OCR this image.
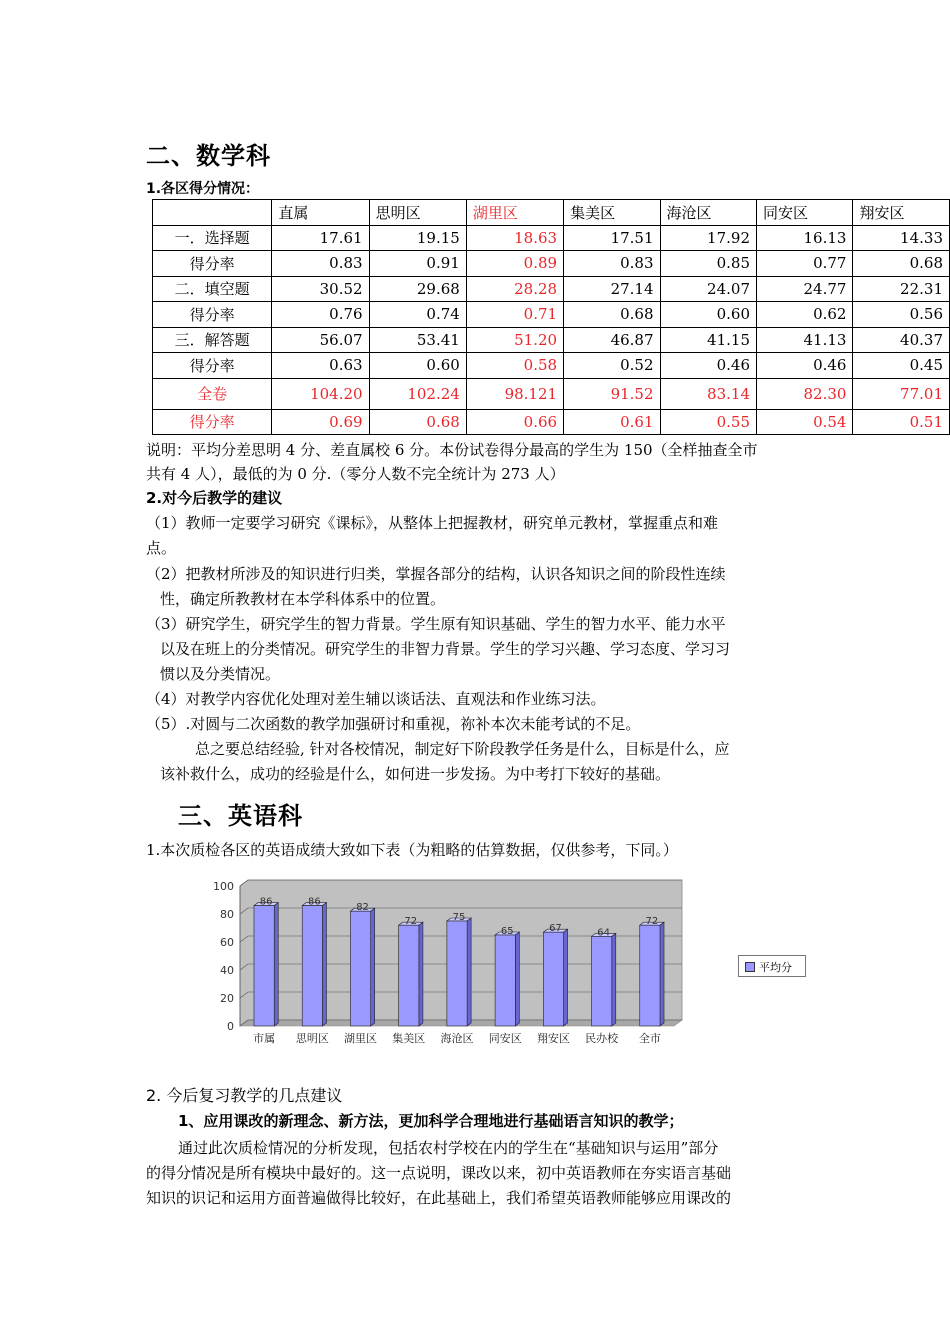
二、数学科
1.各区得分情况：
	直属	思明区	湖里区	集美区	海沧区	同安区	翔安区
一．选择题	17.61	19.15	18.63	17.51	17.92	16.13	14.33
得分率	0.83	0.91	0.89	0.83	0.85	0.77	0.68
二．填空题	30.52	29.68	28.28	27.14	24.07	24.77	22.31
得分率	0.76	0.74	0.71	0.68	0.60	0.62	0.56
三．解答题	56.07	53.41	51.20	46.87	41.15	41.13	40.37
得分率	0.63	0.60	0.58	0.52	0.46	0.46	0.45
全卷	104.20	102.24	98.121	91.52	83.14	82.30	77.01
得分率	0.69	0.68	0.66	0.61	0.55	0.54	0.51
说明：平均分差思明 4 分、差直属校 6 分。本份试卷得分最高的学生为 150（全样抽查全市
共有 4 人），最低的为 0 分.（零分人数不完全统计为 273 人）
2.对今后教学的建议
（1）教师一定要学习研究《课标》，从整体上把握教材，研究单元教材，掌握重点和难
点。
（2）把教材所涉及的知识进行归类，掌握各部分的结构，认识各知识之间的阶段性连续
性，确定所教教材在本学科体系中的位置。
（3）研究学生，研究学生的智力背景。学生原有知识基础、学生的智力水平、能力水平
以及在班上的分类情况。研究学生的非智力背景。学生的学习兴趣、学习态度、学习习
惯以及分类情况。
（4）对教学内容优化处理对差生辅以谈话法、直观法和作业练习法。
（5）.对圆与二次函数的教学加强研讨和重视，祢补本次未能考试的不足。
总之要总结经验, 针对各校情况，制定好下阶段教学任务是什么，目标是什么，应
该补救什么，成功的经验是什么，如何进一步发扬。为中考打下较好的基础。
三、英语科
1.本次质检各区的英语成绩大致如下表（为粗略的估算数据，仅供参考，下同。）
100
80
60
40
20
0
86
市属
86
思明区
82
湖里区
72
集美区
75
海沧区
65
同安区
67
翔安区
64
民办校
72
全市
平均分
2. 今后复习教学的几点建议
1、应用课改的新理念、新方法，更加科学合理地进行基础语言知识的教学；
通过此次质检情况的分析发现，包括农村学校在内的学生在“基础知识与运用”部分
的得分情况是所有模块中最好的。这一点说明，课改以来，初中英语教师在夯实语言基础
知识的识记和运用方面普遍做得比较好，在此基础上，我们希望英语教师能够应用课改的
